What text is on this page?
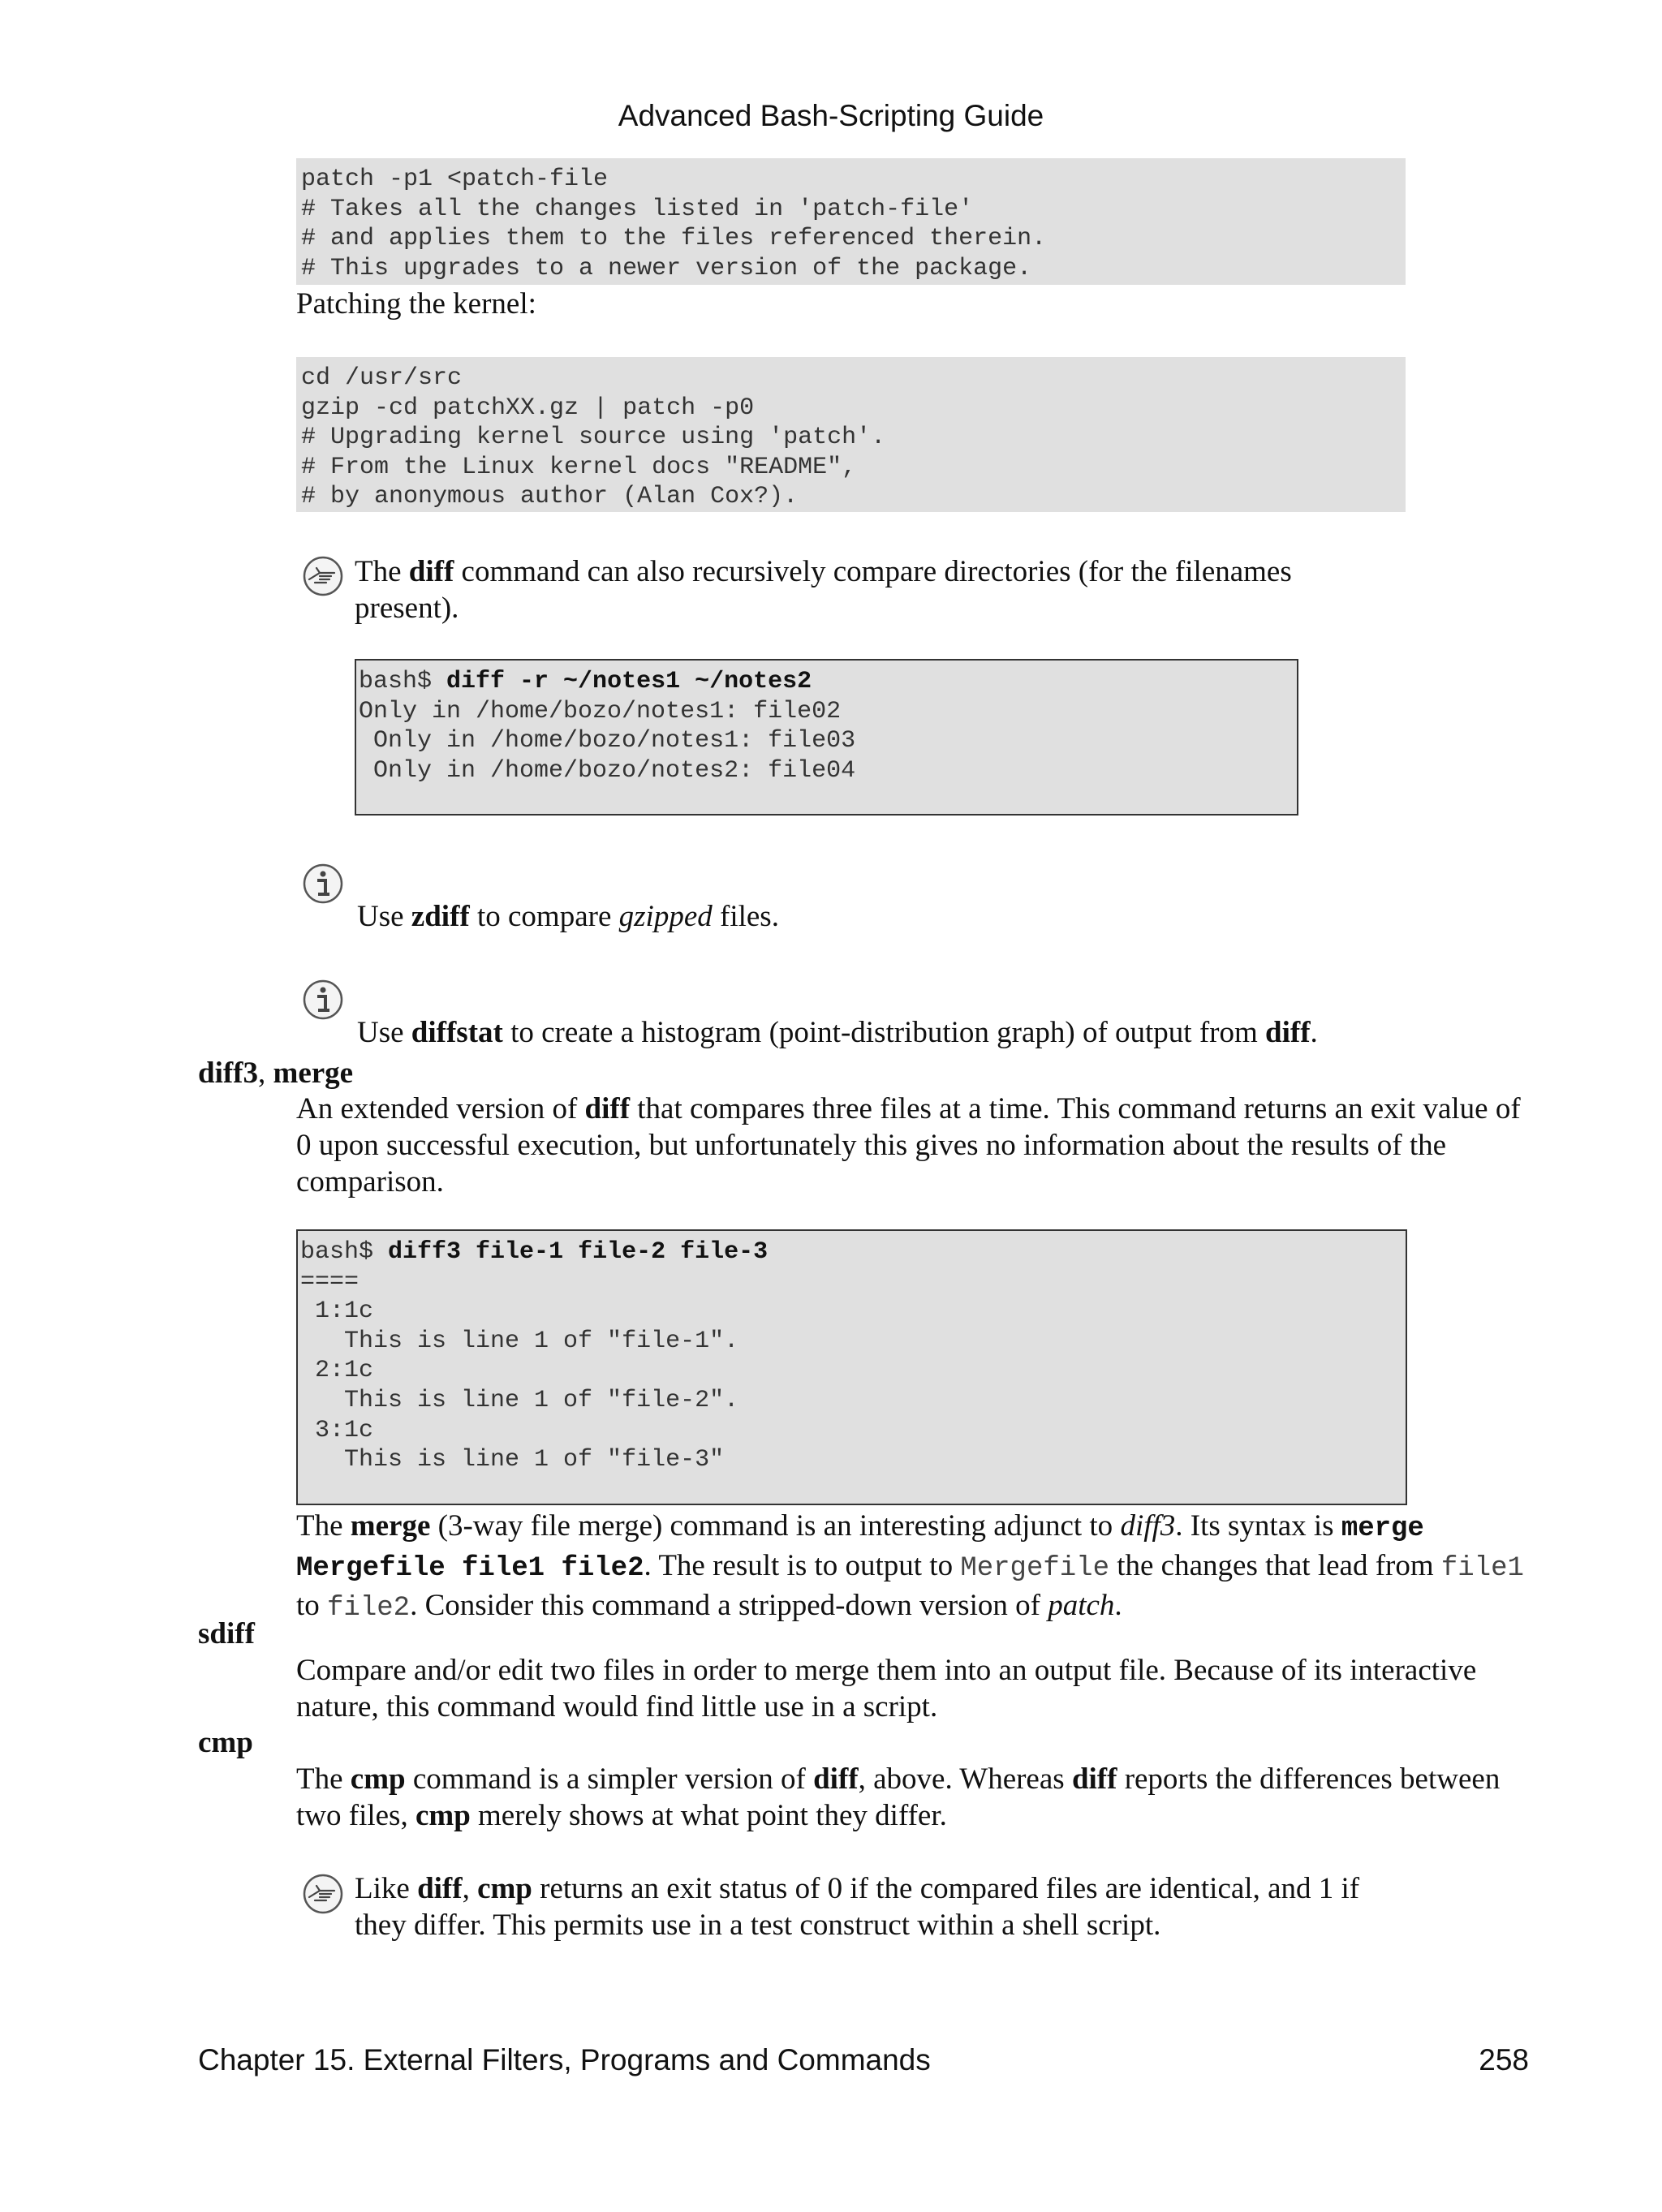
Advanced Bash-Scripting Guide
patch -p1 <patch-file
# Takes all the changes listed in 'patch-file'
# and applies them to the files referenced therein.
# This upgrades to a newer version of the package.

Patching the kernel:

cd /usr/src
gzip -cd patchXX.gz | patch -p0
# Upgrading kernel source using 'patch'.
# From the Linux kernel docs "README",
# by anonymous author (Alan Cox?).

The diff command can also recursively compare directories (for the filenames present).

bash$ diff -r ~/notes1 ~/notes2
Only in /home/bozo/notes1: file02
Only in /home/bozo/notes1: file03
Only in /home/bozo/notes2: file04

Use zdiff to compare gzipped files.

Use diffstat to create a histogram (point-distribution graph) of output from diff.

diff3, merge

An extended version of diff that compares three files at a time. This command returns an exit value of 0 upon successful execution, but unfortunately this gives no information about the results of the comparison.

bash$ diff3 file-1 file-2 file-3
====
1:1c
This is line 1 of "file-1".
2:1c
This is line 1 of "file-2".
3:1c
This is line 1 of "file-3"

The merge (3-way file merge) command is an interesting adjunct to diff3. Its syntax is merge Mergefile file1 file2. The result is to output to Mergefile the changes that lead from file1 to file2. Consider this command a stripped-down version of patch.

sdiff

Compare and/or edit two files in order to merge them into an output file. Because of its interactive nature, this command would find little use in a script.

cmp

The cmp command is a simpler version of diff, above. Whereas diff reports the differences between two files, cmp merely shows at what point they differ.

Like diff, cmp returns an exit status of 0 if the compared files are identical, and 1 if they differ. This permits use in a test construct within a shell script.

Chapter 15. External Filters, Programs and Commands	258
